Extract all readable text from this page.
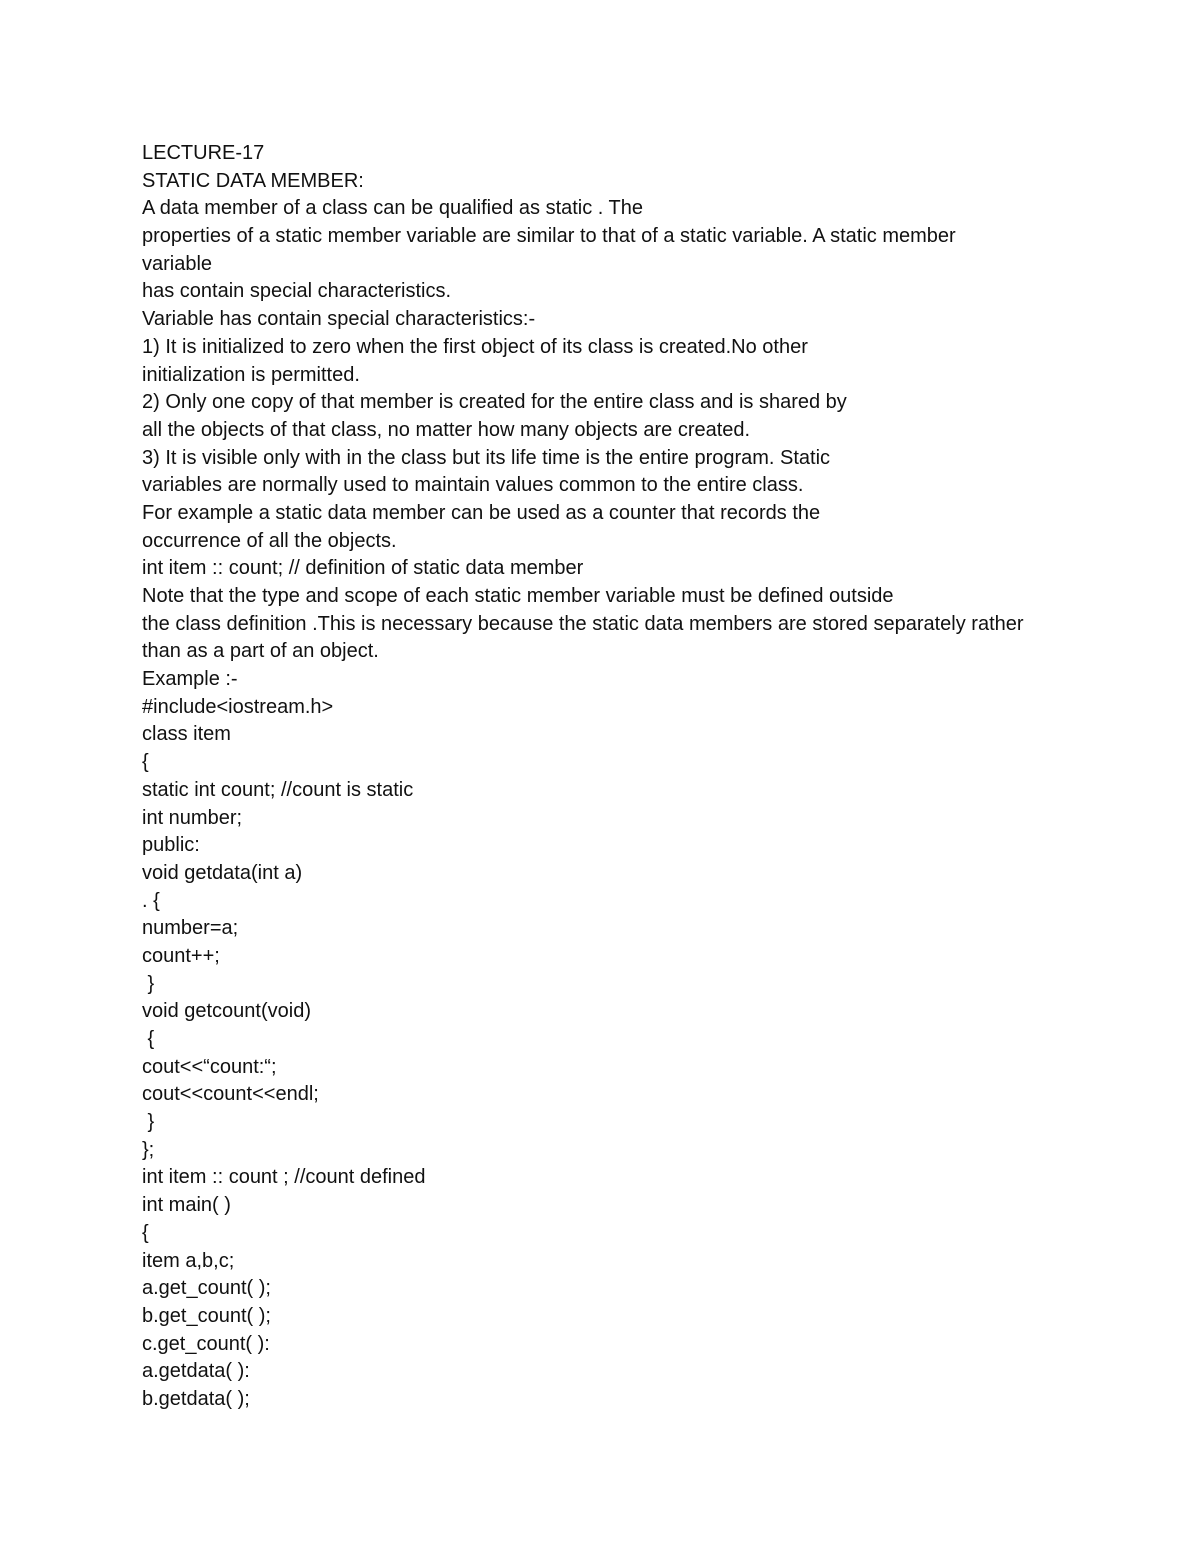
LECTURE-17
STATIC DATA MEMBER:
A data member of a class can be qualified as static . The
properties of a static member variable are similar to that of a static variable. A static member
variable
has contain special characteristics.
Variable has contain special characteristics:-
1) It is initialized to zero when the first object of its class is created.No other
initialization is permitted.
2) Only one copy of that member is created for the entire class and is shared by
all the objects of that class, no matter how many objects are created.
3) It is visible only with in the class but its life time is the entire program. Static
variables are normally used to maintain values common to the entire class.
For example a static data member can be used as a counter that records the
occurrence of all the objects.
int item :: count; // definition of static data member
Note that the type and scope of each static member variable must be defined outside
the class definition .This is necessary because the static data members are stored separately rather
than as a part of an object.
Example :-
#include<iostream.h>
class item
{
static int count; //count is static
int number;
public:
void getdata(int a)
. {
number=a;
count++;
}
void getcount(void)
{
cout<<“count:“;
cout<<count<<endl;
}
};
int item :: count ; //count defined
int main( )
{
item a,b,c;
a.get_count( );
b.get_count( );
c.get_count( ):
a.getdata( ):
b.getdata( );
